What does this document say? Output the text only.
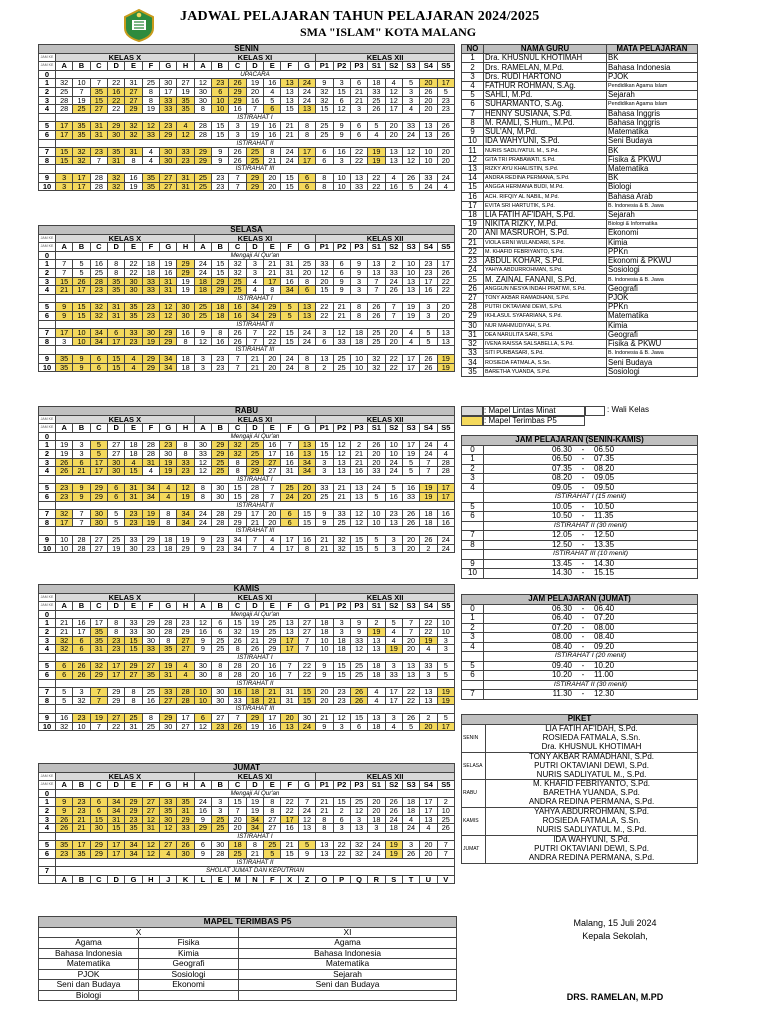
JADWAL PELAJARAN TAHUN PELAJARAN 2024/2025
SMA "ISLAM" KOTA MALANG
SENIN																							
JAM KE	KELAS X								KELAS XI							KELAS XII							
JAM KE	A	B	C	D	E	F	G	H	A	B	C	D	E	F	G	P1	P2	P3	S1	S2	S3	S4	S5
0	UPACARA																						
1	32	10	7	22	31	25	30	27	12	23	26	19	16	13	24	9	3	6	18	4	5	20	17
2	25	7	35	16	27	8	17	19	30	6	29	20	4	13	24	32	15	21	33	12	3	26	5
3	28	19	15	22	27	8	33	35	30	10	29	16	5	13	24	32	6	21	25	12	3	20	23
4	28	25	27	22	29	19	33	35	8	10	16	7	6	15	13	15	12	3	26	17	4	20	23
	ISTIRAHAT I																						
5	17	35	31	29	32	12	23	4	28	15	3	19	16	21	8	25	9	6	5	20	33	13	26
6	17	35	31	30	32	33	29	12	28	15	3	19	16	21	8	25	9	6	4	20	24	13	26
	ISTIRAHAT II																						
7	15	32	23	35	31	4	30	33	29	9	26	25	8	24	17	6	16	22	19	13	12	10	20
8	15	32	7	31	8	4	30	23	29	9	26	25	21	24	17	6	3	22	19	13	12	10	20
	ISTIRAHAT III																						
9	3	17	28	32	16	35	27	31	25	23	7	29	20	15	6	8	10	13	22	4	26	33	24
10	3	17	28	32	19	35	27	31	25	23	7	29	20	15	6	8	10	33	22	16	5	24	4
SELASA																							
JAM KE	KELAS X								KELAS XI							KELAS XII							
JAM KE	A	B	C	D	E	F	G	H	A	B	C	D	E	F	G	P1	P2	P3	S1	S2	S3	S4	S5
0	Mengaji Al Qur'an																						
1	7	5	16	8	22	18	19	29	24	15	32	3	21	31	25	33	6	9	13	2	10	23	17
2	7	5	25	8	22	18	16	29	24	15	32	3	21	31	20	12	6	9	13	33	10	23	26
3	15	26	28	35	30	33	31	19	18	29	25	4	17	16	8	20	9	3	7	24	13	17	22
4	21	17	23	35	30	33	31	19	18	29	25	4	8	34	6	15	9	3	7	26	13	16	22
	ISTIRAHAT I																						
5	9	15	32	31	35	23	12	30	25	18	16	34	29	5	13	22	21	8	26	7	19	3	20
6	9	15	32	31	35	23	12	30	25	18	16	34	29	5	13	22	21	8	26	7	19	3	20
	ISTIRAHAT II																						
7	17	10	34	6	33	30	29	16	9	8	26	7	22	15	24	3	12	18	25	20	4	5	13
8	3	10	34	17	23	19	29	8	12	16	26	7	22	15	24	6	33	18	25	20	4	5	13
	ISTIRAHAT III																						
9	35	9	6	15	4	29	34	18	3	23	7	21	20	24	8	13	25	10	32	22	17	26	19
10	35	9	6	15	4	29	34	18	3	23	7	21	20	24	8	2	25	10	32	22	17	26	19
RABU																							
JAM KE	KELAS X								KELAS XI							KELAS XII							
JAM KE	A	B	C	D	E	F	G	H	A	B	C	D	E	F	G	P1	P2	P3	S1	S2	S3	S4	S5
0	Mengaji Al Qur'an																						
1	19	3	5	27	18	28	23	8	30	29	32	25	16	7	13	15	12	2	26	10	17	24	4
2	19	3	5	27	18	28	30	8	33	29	32	25	17	16	13	15	12	21	20	10	19	24	4
3	26	6	17	30	4	31	19	33	12	25	8	29	27	16	34	3	13	21	20	24	5	7	28
4	26	21	17	30	15	4	19	23	12	25	8	29	27	31	34	3	13	16	33	24	5	7	28
	ISTIRAHAT I																						
5	23	9	29	6	31	34	4	12	8	30	15	28	7	25	20	33	21	13	24	5	16	19	17
6	23	9	29	6	31	34	4	19	8	30	15	28	7	24	20	25	21	13	5	16	33	19	17
	ISTIRAHAT II																						
7	32	7	30	5	23	19	8	34	24	28	29	17	20	6	15	9	33	12	10	23	26	18	16
8	17	7	30	5	23	19	8	34	24	28	29	21	20	6	15	9	25	12	10	13	26	18	16
	ISTIRAHAT III																						
9	10	28	27	25	33	29	18	19	9	23	34	7	4	17	16	21	32	15	5	3	20	26	24
10	10	28	27	19	30	23	18	29	9	23	34	7	4	17	8	21	32	15	5	3	20	2	24
KAMIS																							
JAM KE	KELAS X								KELAS XI							KELAS XII							
JAM KE	A	B	C	D	E	F	G	H	A	B	C	D	E	F	G	P1	P2	P3	S1	S2	S3	S4	S5
0	Mengaji Al Qur'an																						
1	21	16	17	8	33	29	28	23	12	6	15	19	25	13	27	18	3	9	2	5	7	22	10
2	21	17	35	8	33	30	28	29	16	6	32	19	25	13	27	18	3	9	19	4	7	22	10
3	32	6	35	23	15	30	8	27	9	25	26	21	29	17	7	10	18	33	13	4	20	19	3
4	32	6	31	23	15	33	35	27	9	25	8	26	29	17	7	10	18	12	13	19	20	4	3
	ISTIRAHAT I																						
5	6	26	32	17	29	27	19	4	30	8	28	20	16	7	22	9	15	25	18	3	13	33	5
6	6	26	29	17	27	35	31	4	30	8	28	20	16	7	22	9	15	25	18	33	13	3	5
	ISTIRAHAT II																						
7	5	3	7	29	8	25	33	28	10	30	16	18	21	31	15	20	23	26	4	17	22	13	19
8	5	32	7	29	8	16	27	28	10	30	33	18	21	31	15	20	23	26	4	17	22	13	19
	ISTIRAHAT III																						
9	16	23	19	27	25	8	29	17	6	27	7	29	17	20	30	21	12	15	13	3	26	2	5
10	32	10	7	22	31	25	30	27	12	23	26	19	16	13	24	9	3	6	18	4	5	20	17
JUMAT																							
JAM KE	KELAS X								KELAS XI							KELAS XII							
JAM KE	A	B	C	D	E	F	G	H	A	B	C	D	E	F	G	P1	P2	P3	S1	S2	S3	S4	S5
0	Mengaji Al Qur'an																						
1	9	23	6	34	29	27	33	35	24	3	15	19	8	22	7	21	15	25	20	26	18	17	2
2	9	23	6	34	29	27	35	31	16	3	7	19	8	22	24	21	2	12	20	26	18	17	10
3	26	21	15	31	23	12	30	29	9	25	20	34	27	17	12	8	6	3	18	24	4	13	25
4	26	21	30	15	35	31	12	33	29	25	20	34	27	16	13	8	3	13	3	18	24	4	26
	ISTIRAHAT I																						
5	35	17	29	17	34	12	27	26	6	30	18	8	25	21	5	13	22	32	24	19	3	20	7
6	23	35	29	17	34	12	4	30	9	28	25	21	5	15	9	13	22	32	24	19	26	20	7
	ISTIRAHAT II																						
7	SHOLAT JUMAT DAN KEPUTRIAN																						
	A	B	C	D	G	H	J	K	L	E	M	N	F	X	Z	O	P	Q	R	S	T	U	V
NO	NAMA GURU	MATA PELAJARAN
1	Dra. KHUSNUL KHOTIMAH	BK
2	Drs. RAMELAN, M.Pd.	Bahasa Indonesia
3	Drs. RUDI HARTONO	PJOK
4	FATHUR ROHMAN, S.Ag.	Pendidikan Agama Islam
5	SAHLI, M.Pd.	Sejarah
6	SUHARMANTO, S.Ag.	Pendidikan Agama Islam
7	HENNY SUSIANA, S.Pd.	Bahasa Inggris
8	M. RAMLI, S.Hum., M.Pd.	Bahasa Inggris
9	SUL'AN, M.Pd.	Matematika
10	IDA WAHYUNI, S.Pd.	Seni Budaya
11	NURIS SADLIYATUL M., S.Pd.	BK
12	GITA TRI PRABAWATI, S.Pd.	Fisika & PKWU
13	RIZKY AYU KHALISTIN, S.Pd.	Matematika
14	ANDRA REDINA PERMANA, S.Pd.	BK
15	ANGGA HERMANA BUDI, M.Pd.	Biologi
16	ACH. RIFQIY AL NABIL, M.Pd.	Bahasa Arab
17	EVITA SRI HARTUTIK, S.Pd.	B. Indonesia & B. Jawa
18	LIA FATIH AF'IDAH, S.Pd.	Sejarah
19	NIKITA RIZKY, M.Pd.	Biologi & Informatika
20	ANI MASRUROH, S.Pd.	Ekonomi
21	VIOLA ERNI WULANDARI, S.Pd.	Kimia
22	M. KHAFID FEBRIYANTO, S.Pd.	PPKn
23	ABDUL KOHAR, S.Pd.	Ekonomi & PKWU
24	YAHYA ABDURROHMAN, S.Pd.	Sosiologi
25	M. ZAINAL FANANI, S.Pd.	B. Indonesia & B. Jawa
26	ANGGUN NESYA INDAH PRATIWI, S.Pd.	Geografi
27	TONY AKBAR RAMADHANI, S.Pd.	PJOK
28	PUTRI OKTAVIANI DEWI, S.Pd.	PPKn
29	IKHLASUL SYAFARIANA, S.Pd.	Matematika
30	NUR MAHMUDIYAH, S.Pd.	Kimia
31	DEA NARULITA SARI, S.Pd.	Geografi
32	IVENA RAISSA SALSABELLA, S.Pd.	Fisika & PKWU
33	SITI PURBASARI, S.Pd.	B. Indonesia & B. Jawa
34	ROSIEDA FATMALA, S.Sn.	Seni Budaya
35	BARETHA YUANDA, S.Pd.	Sosiologi
: Mapel Lintas Minat	: Wali Kelas
: Mapel Terimbas P5
JAM PELAJARAN (SENIN-KAMIS)	
0	06.30 - 06.50
1	06.50 - 07.35
2	07.35 - 08.20
3	08.20 - 09.05
4	09.05 - 09.50
	ISTIRAHAT I (15 menit)
5	10.05 - 10.50
6	10.50 - 11.35
	ISTIRAHAT II (30 menit)
7	12.05 - 12.50
8	12.50 - 13.35
	ISTIRAHAT III (10 menit)
9	13.45 - 14.30
10	14.30 - 15.15
JAM PELAJARAN (JUMAT)	
0	06.30 - 06.40
1	06.40 - 07.20
2	07.20 - 08.00
3	08.00 - 08.40
4	08.40 - 09.20
	ISTIRAHAT I (20 menit)
5	09.40 - 10.20
6	10.20 - 11.00
	ISTIRAHAT II (30 menit)
7	11.30 - 12.30
PIKET	
SENIN	LIA FATIH AF'IDAH, S.Pd.
ROSIEDA FATMALA, S.Sn.
Dra. KHUSNUL KHOTIMAH

SELASA	TONY AKBAR RAMADHANI, S.Pd.
PUTRI OKTAVIANI DEWI, S.Pd.
NURIS SADLIYATUL M., S.Pd.

RABU	M. KHAFID FEBRIYANTO, S.Pd.
BARETHA YUANDA, S.Pd.
ANDRA REDINA PERMANA, S.Pd.

KAMIS	YAHYA ABDURROHMAN, S.Pd.
ROSIEDA FATMALA, S.Sn.
NURIS SADLIYATUL M., S.Pd.

JUMAT	IDA WAHYUNI, S.Pd.
PUTRI OKTAVIANI DEWI, S.Pd.
ANDRA REDINA PERMANA, S.Pd.
MAPEL TERIMBAS P5		
X		XI
Agama	Fisika	Agama
Bahasa Indonesia	Kimia	Bahasa Indonesia
Matematika	Geografi	Matematika
PJOK	Sosiologi	Sejarah
Seni dan Budaya	Ekonomi	Seni dan Budaya
Biologi		
Malang, 15 Juli 2024
Kepala Sekolah,
DRS. RAMELAN, M.PD
